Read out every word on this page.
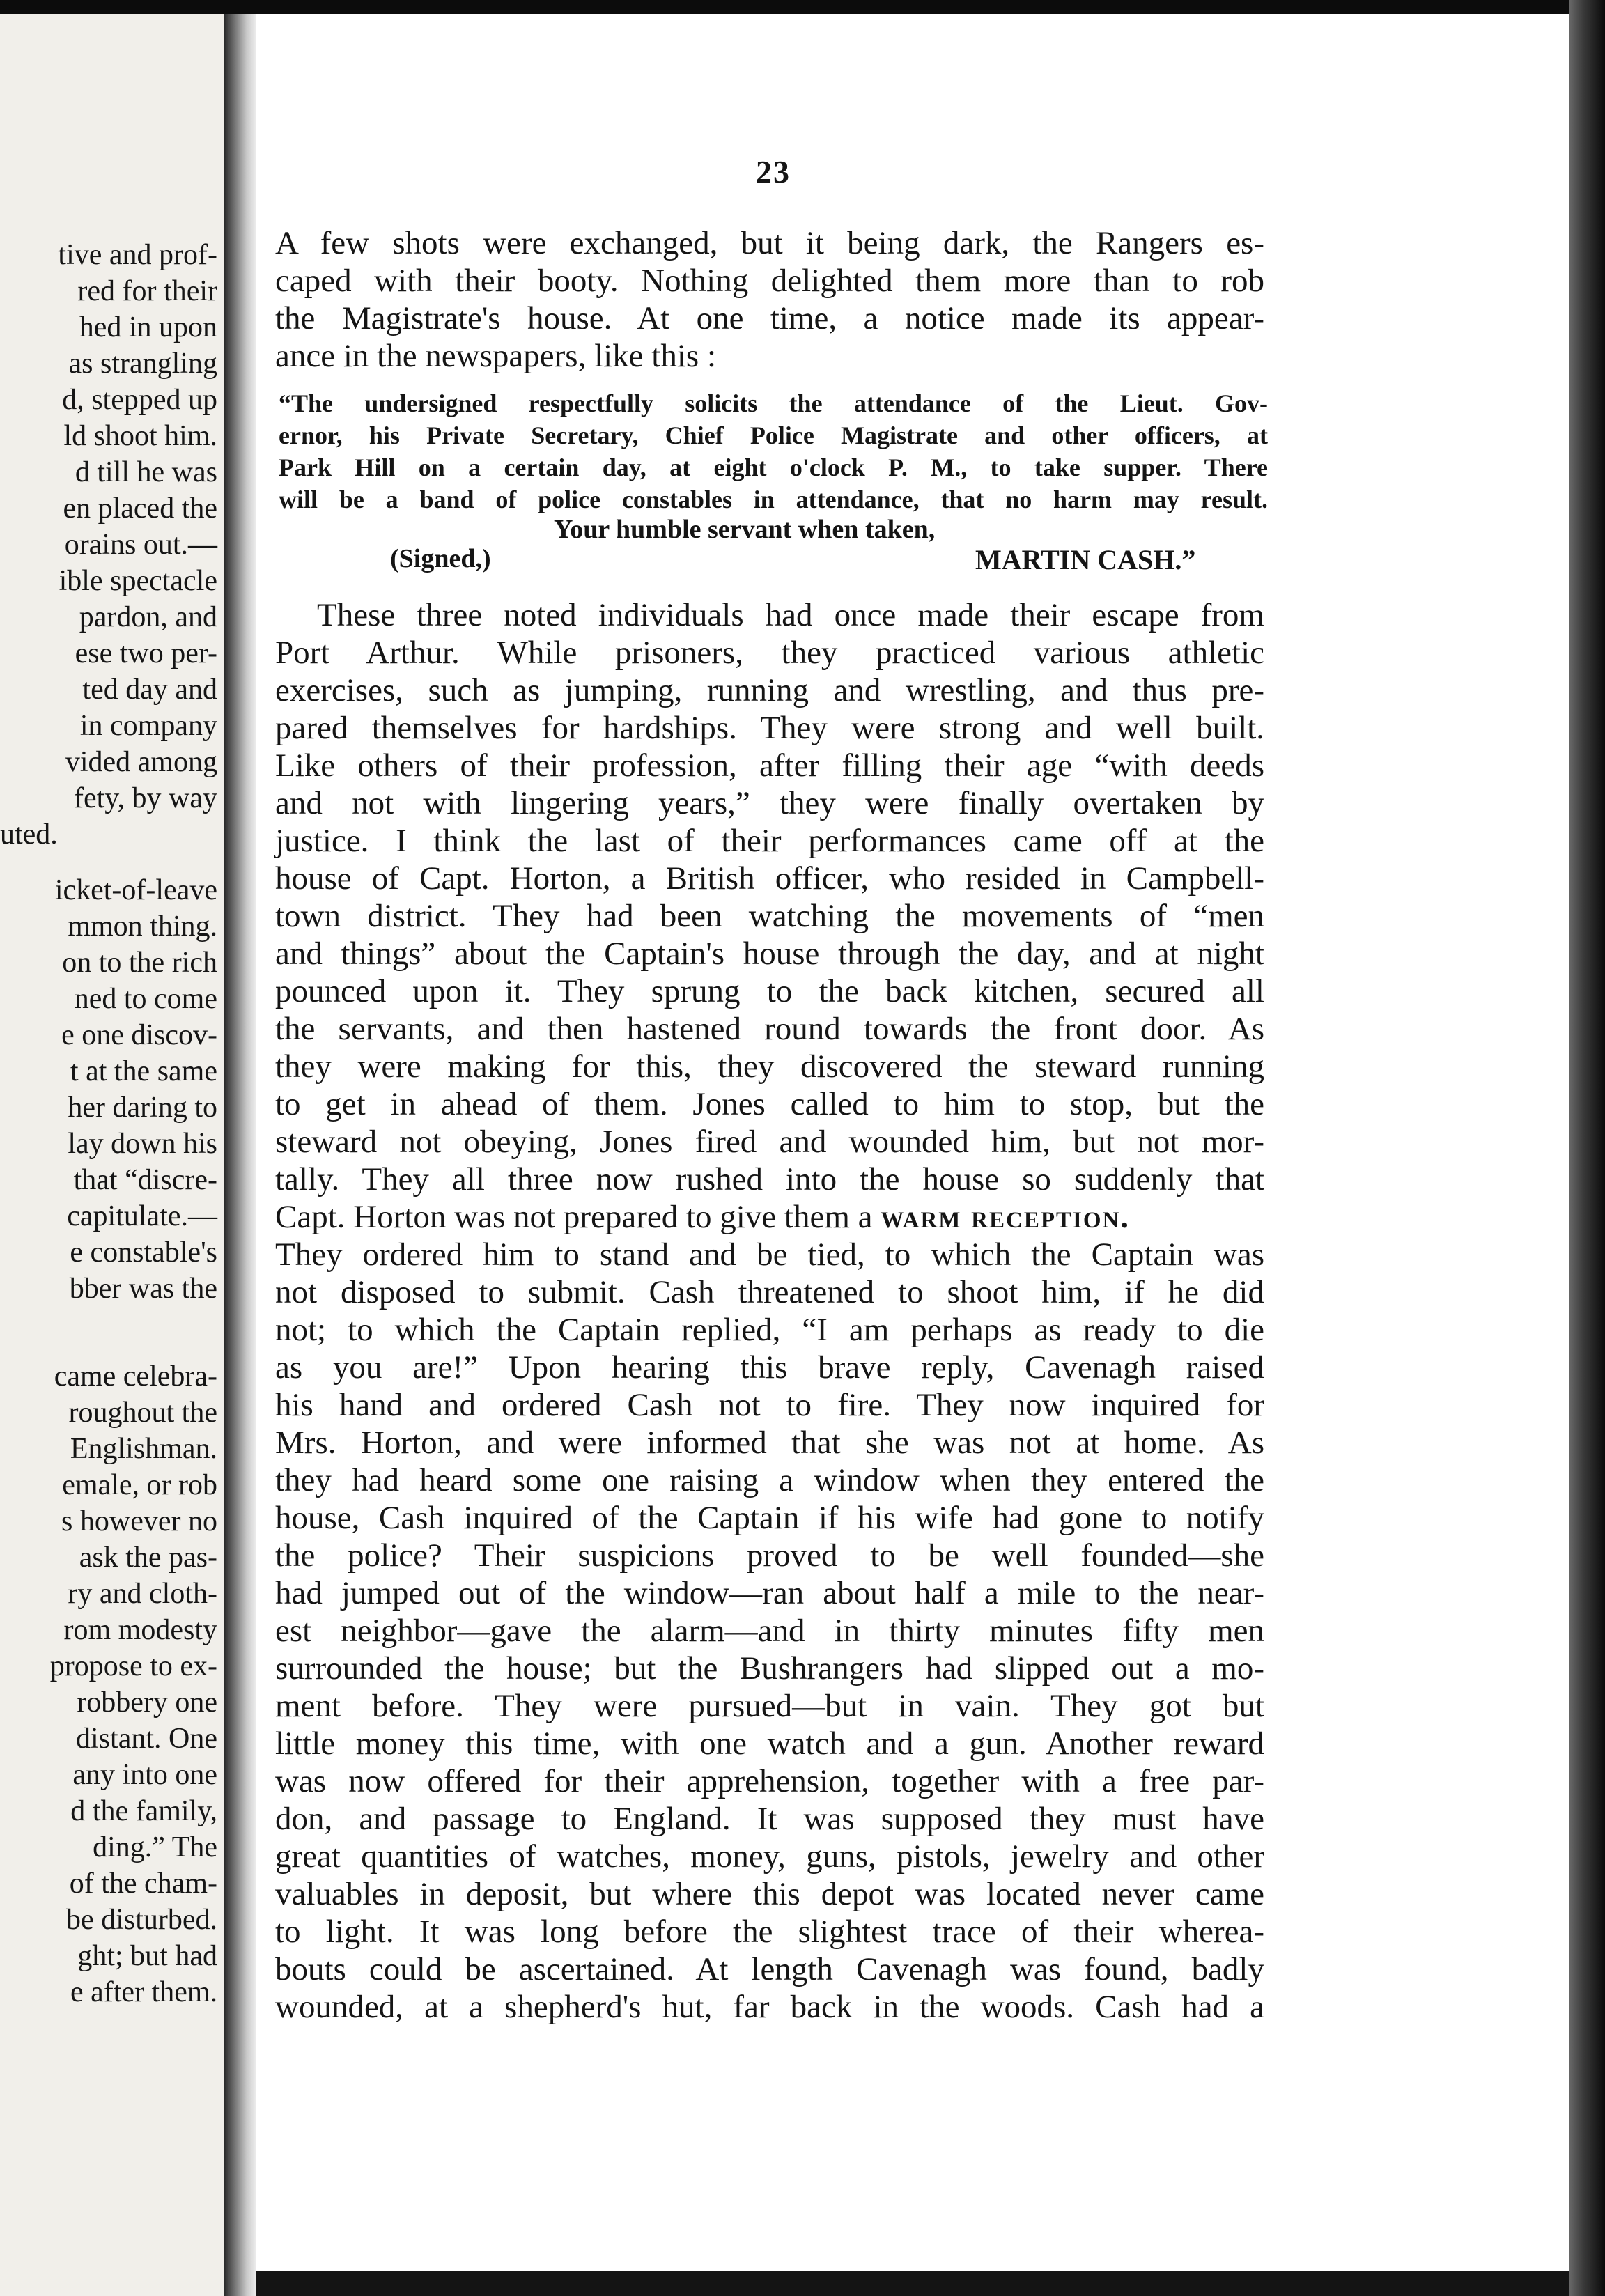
tive and prof-
red for their
hed in upon
as strangling
d, stepped up
ld shoot him.
d till he was
en placed the
orains out.—
ible spectacle
pardon, and
ese two per-
ted day and
in company
vided among
fety, by way
uted.
icket-of-leave
mmon thing.
on to the rich
ned to come
e one discov-
t at the same
her daring to
lay down his
that “discre-
capitulate.—
e constable's
bber was the
came celebra-
roughout the
Englishman.
emale, or rob
s however no
ask the pas-
ry and cloth-
rom modesty
propose to ex-
robbery one
distant. One
any into one
d the family,
ding.” The
of the cham-
be disturbed.
ght; but had
e after them.
23
A few shots were exchanged, but it being dark, the Rangers es-
caped with their booty. Nothing delighted them more than to rob
the Magistrate's house. At one time, a notice made its appear-
ance in the newspapers, like this :
“The undersigned respectfully solicits the attendance of the Lieut. Gov-
ernor, his Private Secretary, Chief Police Magistrate and other officers, at
Park Hill on a certain day, at eight o'clock P. M., to take supper. There
will be a band of police constables in attendance, that no harm may result.
Your humble servant when taken,
(Signed,)	MARTIN CASH.”
These three noted individuals had once made their escape from
Port Arthur. While prisoners, they practiced various athletic
exercises, such as jumping, running and wrestling, and thus pre-
pared themselves for hardships. They were strong and well built.
Like others of their profession, after filling their age “with deeds
and not with lingering years,” they were finally overtaken by
justice. I think the last of their performances came off at the
house of Capt. Horton, a British officer, who resided in Campbell-
town district. They had been watching the movements of “men
and things” about the Captain's house through the day, and at night
pounced upon it. They sprung to the back kitchen, secured all
the servants, and then hastened round towards the front door. As
they were making for this, they discovered the steward running
to get in ahead of them. Jones called to him to stop, but the
steward not obeying, Jones fired and wounded him, but not mor-
tally. They all three now rushed into the house so suddenly that
Capt. Horton was not prepared to give them a warm reception.
They ordered him to stand and be tied, to which the Captain was
not disposed to submit. Cash threatened to shoot him, if he did
not; to which the Captain replied, “I am perhaps as ready to die
as you are!” Upon hearing this brave reply, Cavenagh raised
his hand and ordered Cash not to fire. They now inquired for
Mrs. Horton, and were informed that she was not at home. As
they had heard some one raising a window when they entered the
house, Cash inquired of the Captain if his wife had gone to notify
the police? Their suspicions proved to be well founded—she
had jumped out of the window—ran about half a mile to the near-
est neighbor—gave the alarm—and in thirty minutes fifty men
surrounded the house; but the Bushrangers had slipped out a mo-
ment before. They were pursued—but in vain. They got but
little money this time, with one watch and a gun. Another reward
was now offered for their apprehension, together with a free par-
don, and passage to England. It was supposed they must have
great quantities of watches, money, guns, pistols, jewelry and other
valuables in deposit, but where this depot was located never came
to light. It was long before the slightest trace of their wherea-
bouts could be ascertained. At length Cavenagh was found, badly
wounded, at a shepherd's hut, far back in the woods. Cash had a
